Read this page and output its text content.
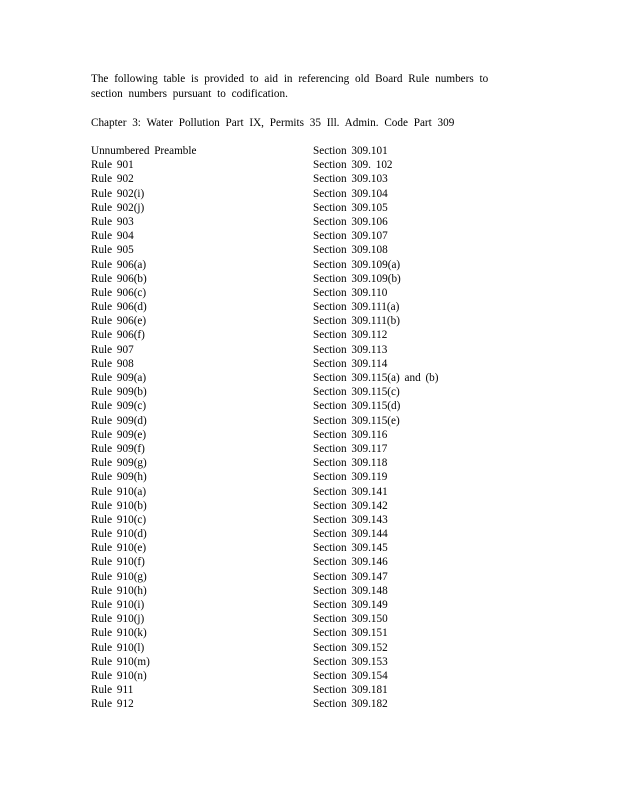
The following table is provided to aid in referencing old Board Rule numbers to section numbers pursuant to codification.
Chapter 3: Water Pollution Part IX, Permits 35 Ill. Admin. Code Part 309
Unnumbered Preamble	Section 309.101
Rule 901	Section 309. 102
Rule 902	Section 309.103
Rule 902(i)	Section 309.104
Rule 902(j)	Section 309.105
Rule 903	Section 309.106
Rule 904	Section 309.107
Rule 905	Section 309.108
Rule 906(a)	Section 309.109(a)
Rule 906(b)	Section 309.109(b)
Rule 906(c)	Section 309.110
Rule 906(d)	Section 309.111(a)
Rule 906(e)	Section 309.111(b)
Rule 906(f)	Section 309.112
Rule 907	Section 309.113
Rule 908	Section 309.114
Rule 909(a)	Section 309.115(a) and (b)
Rule 909(b)	Section 309.115(c)
Rule 909(c)	Section 309.115(d)
Rule 909(d)	Section 309.115(e)
Rule 909(e)	Section 309.116
Rule 909(f)	Section 309.117
Rule 909(g)	Section 309.118
Rule 909(h)	Section 309.119
Rule 910(a)	Section 309.141
Rule 910(b)	Section 309.142
Rule 910(c)	Section 309.143
Rule 910(d)	Section 309.144
Rule 910(e)	Section 309.145
Rule 910(f)	Section 309.146
Rule 910(g)	Section 309.147
Rule 910(h)	Section 309.148
Rule 910(i)	Section 309.149
Rule 910(j)	Section 309.150
Rule 910(k)	Section 309.151
Rule 910(l)	Section 309.152
Rule 910(m)	Section 309.153
Rule 910(n)	Section 309.154
Rule 911	Section 309.181
Rule 912	Section 309.182
